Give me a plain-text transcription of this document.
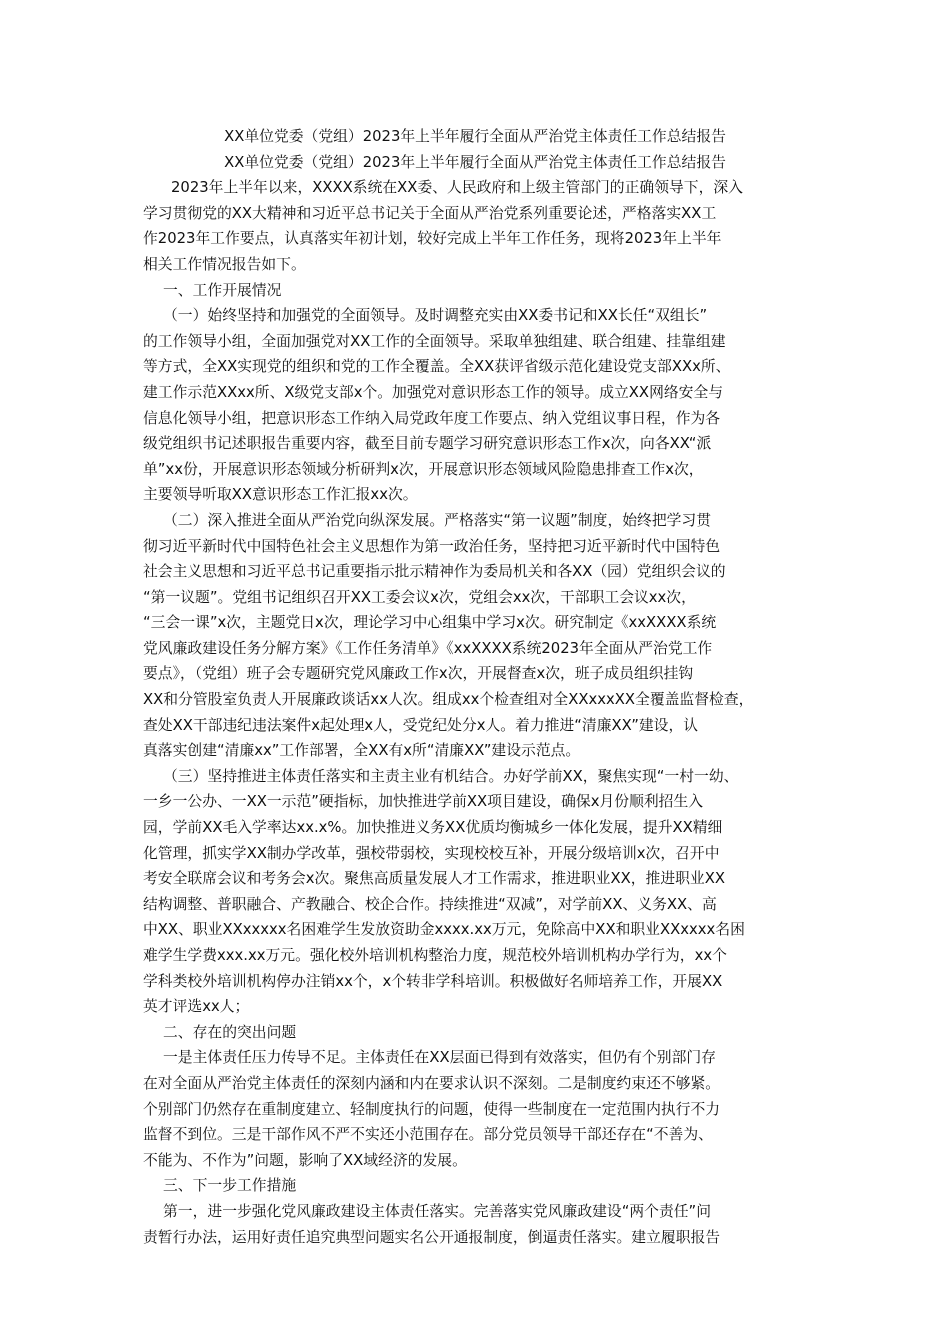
XX单位党委（党组）2023年上半年履行全面从严治党主体责任工作总结报告

XX单位党委（党组）2023年上半年履行全面从严治党主体责任工作总结报告

2023年上半年以来，XXXX系统在XX委、人民政府和上级主管部门的正确领导下，深入

学习贯彻党的XX大精神和习近平总书记关于全面从严治党系列重要论述，严格落实XX工

作2023年工作要点，认真落实年初计划，较好完成上半年工作任务，现将2023年上半年

相关工作情况报告如下。

一、工作开展情况

（一）始终坚持和加强党的全面领导。及时调整充实由XX委书记和XX长任“双组长”

的工作领导小组，全面加强党对XX工作的全面领导。采取单独组建、联合组建、挂靠组建

等方式，全XX实现党的组织和党的工作全覆盖。全XX获评省级示范化建设党支部XXx所、

建工作示范XXxx所、X级党支部x个。加强党对意识形态工作的领导。成立XX网络安全与

信息化领导小组，把意识形态工作纳入局党政年度工作要点、纳入党组议事日程，作为各

级党组织书记述职报告重要内容，截至目前专题学习研究意识形态工作x次，向各XX“派

单”xx份，开展意识形态领域分析研判x次，开展意识形态领域风险隐患排查工作x次，

主要领导听取XX意识形态工作汇报xx次。

（二）深入推进全面从严治党向纵深发展。严格落实“第一议题”制度，始终把学习贯

彻习近平新时代中国特色社会主义思想作为第一政治任务，坚持把习近平新时代中国特色

社会主义思想和习近平总书记重要指示批示精神作为委局机关和各XX（园）党组织会议的

“第一议题”。党组书记组织召开XX工委会议x次，党组会xx次，干部职工会议xx次，

“三会一课”x次，主题党日x次，理论学习中心组集中学习x次。研究制定《xxXXXX系统

党风廉政建设任务分解方案》《工作任务清单》《xxXXXX系统2023年全面从严治党工作

要点》，（党组）班子会专题研究党风廉政工作x次，开展督查x次，班子成员组织挂钩

XX和分管股室负责人开展廉政谈话xx人次。组成xx个检查组对全XXxxxXX全覆盖监督检查，

查处XX干部违纪违法案件x起处理x人，受党纪处分x人。着力推进“清廉XX”建设，认

真落实创建“清廉xx”工作部署，全XX有x所“清廉XX”建设示范点。

（三）坚持推进主体责任落实和主责主业有机结合。办好学前XX，聚焦实现“一村一幼、

一乡一公办、一XX一示范”硬指标，加快推进学前XX项目建设，确保x月份顺利招生入

园，学前XX毛入学率达xx.x%。加快推进义务XX优质均衡城乡一体化发展，提升XX精细

化管理，抓实学XX制办学改革，强校带弱校，实现校校互补，开展分级培训x次，召开中

考安全联席会议和考务会x次。聚焦高质量发展人才工作需求，推进职业XX，推进职业XX

结构调整、普职融合、产教融合、校企合作。持续推进“双减”，对学前XX、义务XX、高

中XX、职业XXxxxxx名困难学生发放资助金xxxx.xx万元，免除高中XX和职业XXxxxx名困

难学生学费xxx.xx万元。强化校外培训机构整治力度，规范校外培训机构办学行为，xx个

学科类校外培训机构停办注销xx个，x个转非学科培训。积极做好名师培养工作，开展XX

英才评选xx人；

二、存在的突出问题

一是主体责任压力传导不足。主体责任在XX层面已得到有效落实，但仍有个别部门存

在对全面从严治党主体责任的深刻内涵和内在要求认识不深刻。二是制度约束还不够紧。

个别部门仍然存在重制度建立、轻制度执行的问题，使得一些制度在一定范围内执行不力

监督不到位。三是干部作风不严不实还小范围存在。部分党员领导干部还存在“不善为、

不能为、不作为”问题，影响了XX域经济的发展。

三、下一步工作措施

第一，进一步强化党风廉政建设主体责任落实。完善落实党风廉政建设“两个责任”问

责暂行办法，运用好责任追究典型问题实名公开通报制度，倒逼责任落实。建立履职报告
